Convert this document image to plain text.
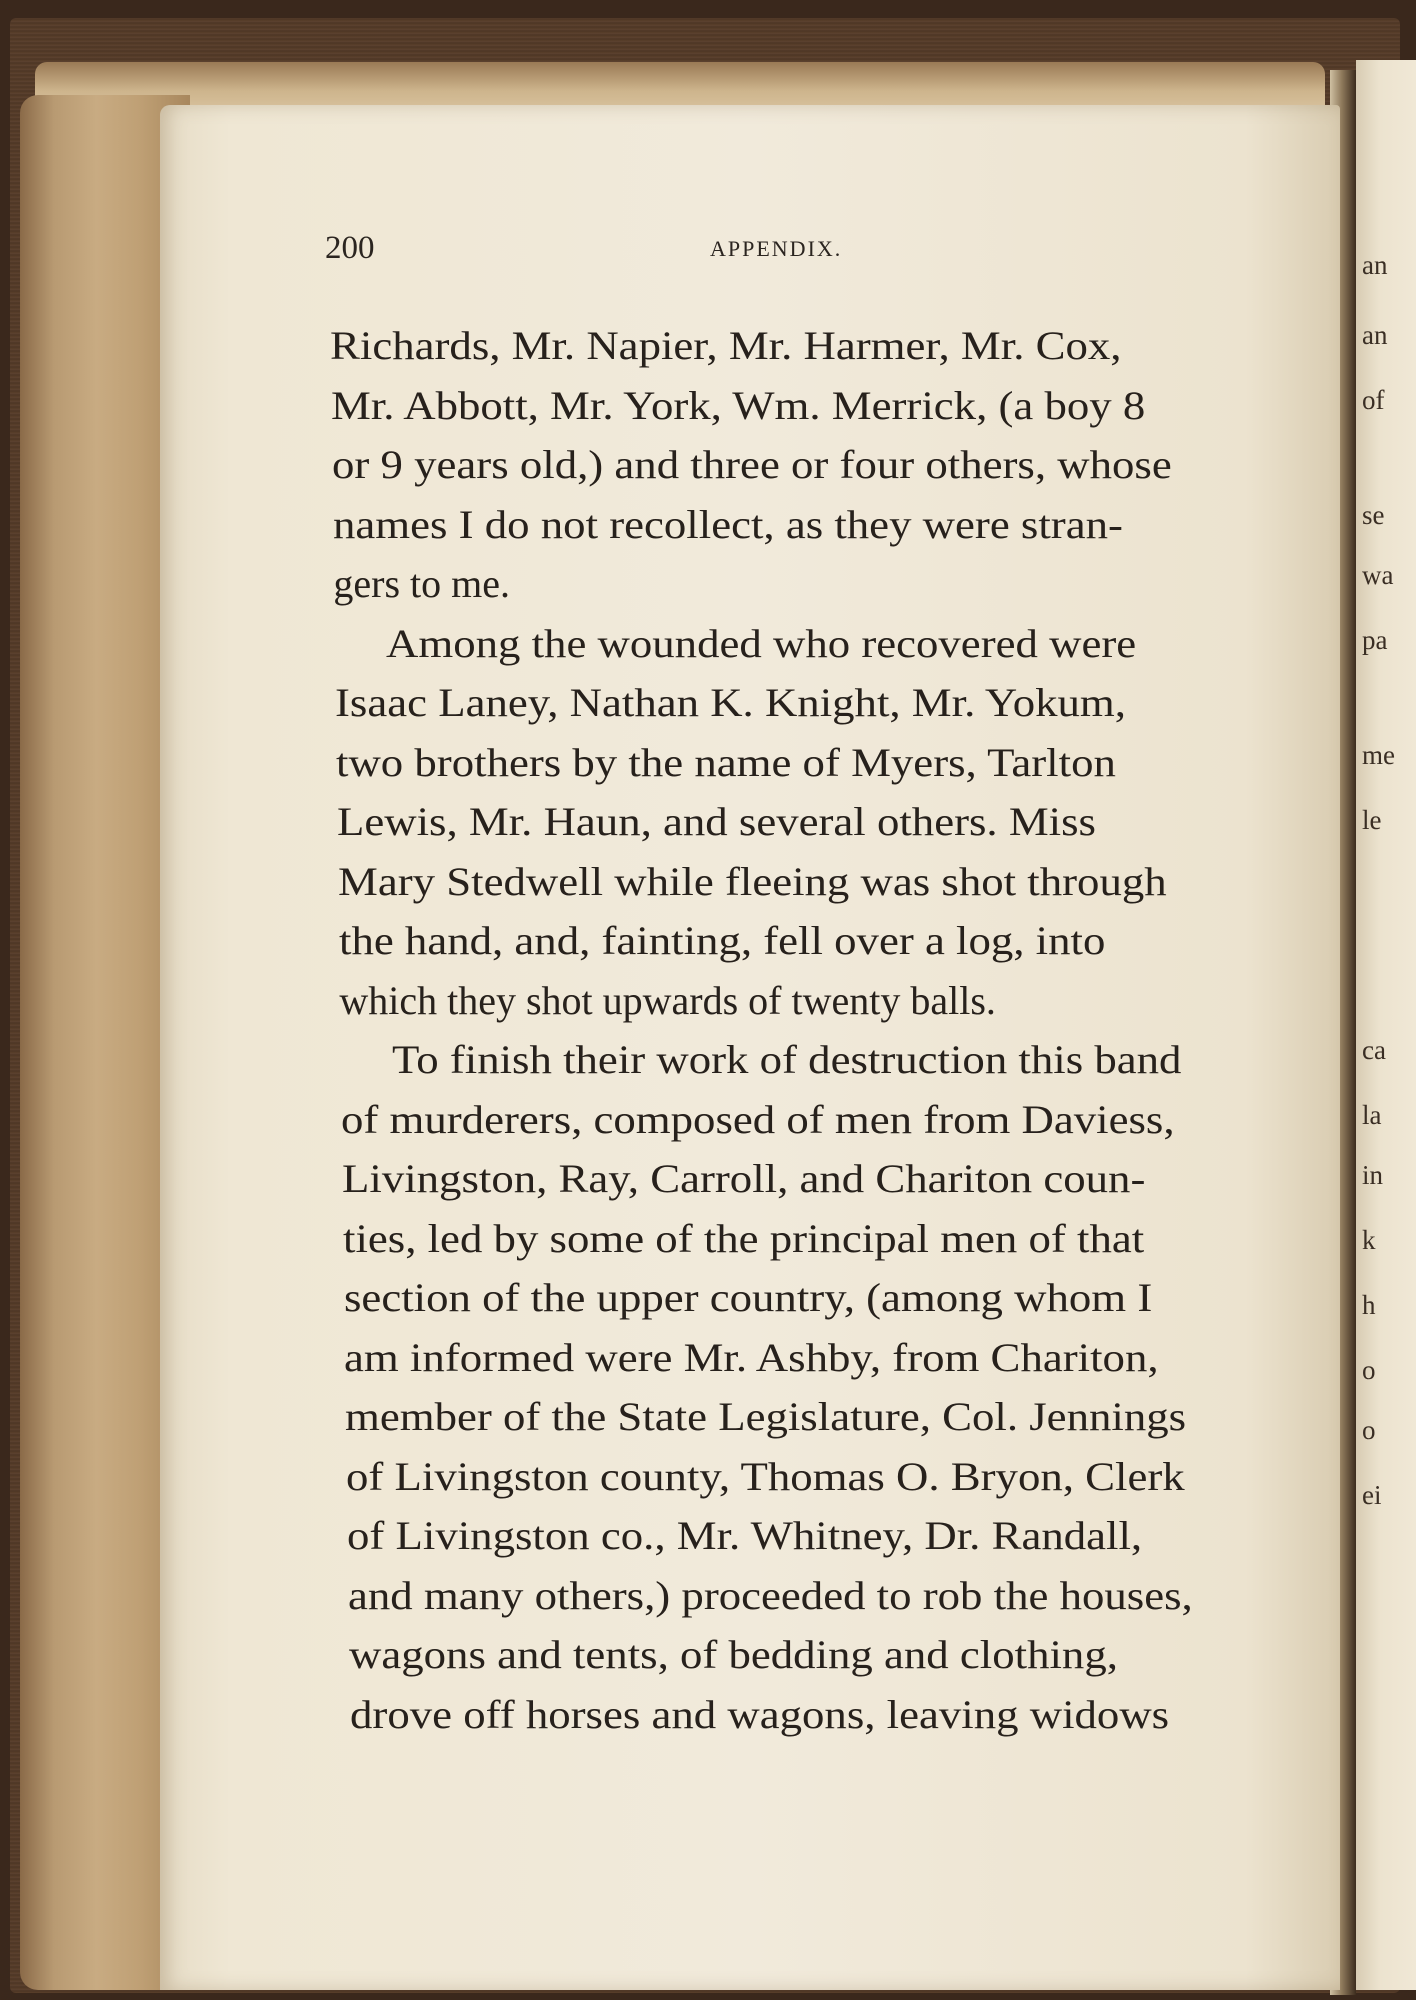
an
an
of
se
wa
pa
me
le
ca
la
in
k
h
o
o
ei
200	APPENDIX.
Richards, Mr. Napier, Mr. Harmer, Mr. Cox,
Mr. Abbott, Mr. York, Wm. Merrick, (a boy 8
or 9 years old,) and three or four others, whose
names I do not recollect, as they were stran-
gers to me.
Among the wounded who recovered were
Isaac Laney, Nathan K. Knight, Mr. Yokum,
two brothers by the name of Myers, Tarlton
Lewis, Mr. Haun, and several others. Miss
Mary Stedwell while fleeing was shot through
the hand, and, fainting, fell over a log, into
which they shot upwards of twenty balls.
To finish their work of destruction this band
of murderers, composed of men from Daviess,
Livingston, Ray, Carroll, and Chariton coun-
ties, led by some of the principal men of that
section of the upper country, (among whom I
am informed were Mr. Ashby, from Chariton,
member of the State Legislature, Col. Jennings
of Livingston county, Thomas O. Bryon, Clerk
of Livingston co., Mr. Whitney, Dr. Randall,
and many others,) proceeded to rob the houses,
wagons and tents, of bedding and clothing,
drove off horses and wagons, leaving widows
